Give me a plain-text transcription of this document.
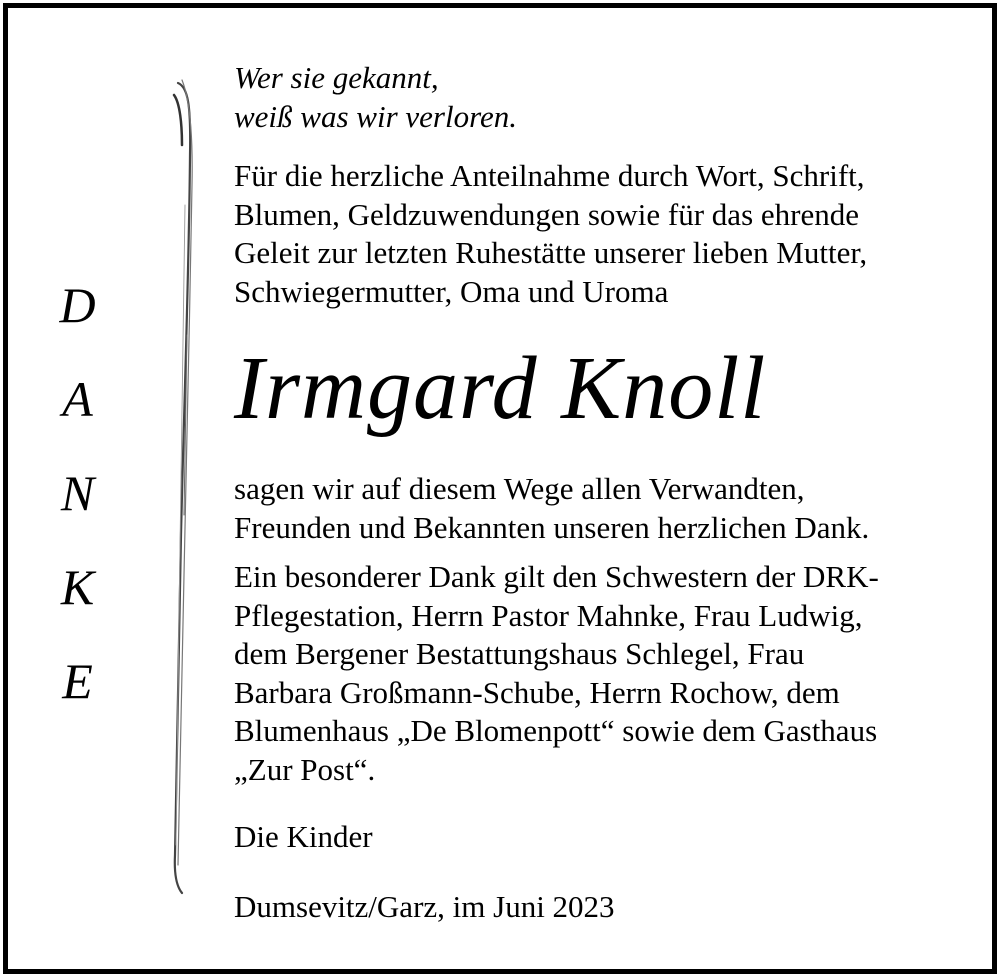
D
A
N
K
E

Wer sie gekannt,
weiß was wir verloren.

Für die herzliche Anteilnahme durch Wort, Schrift,
Blumen, Geldzuwendungen sowie für das ehrende
Geleit zur letzten Ruhestätte unserer lieben Mutter,
Schwiegermutter, Oma und Uroma

Irmgard Knoll

sagen wir auf diesem Wege allen Verwandten,
Freunden und Bekannten unseren herzlichen Dank.

Ein besonderer Dank gilt den Schwestern der DRK-
Pflegestation, Herrn Pastor Mahnke, Frau Ludwig,
dem Bergener Bestattungshaus Schlegel, Frau
Barbara Großmann-Schube, Herrn Rochow, dem
Blumenhaus „De Blomenpott“ sowie dem Gasthaus
„Zur Post“.

Die Kinder

Dumsevitz/Garz, im Juni 2023
